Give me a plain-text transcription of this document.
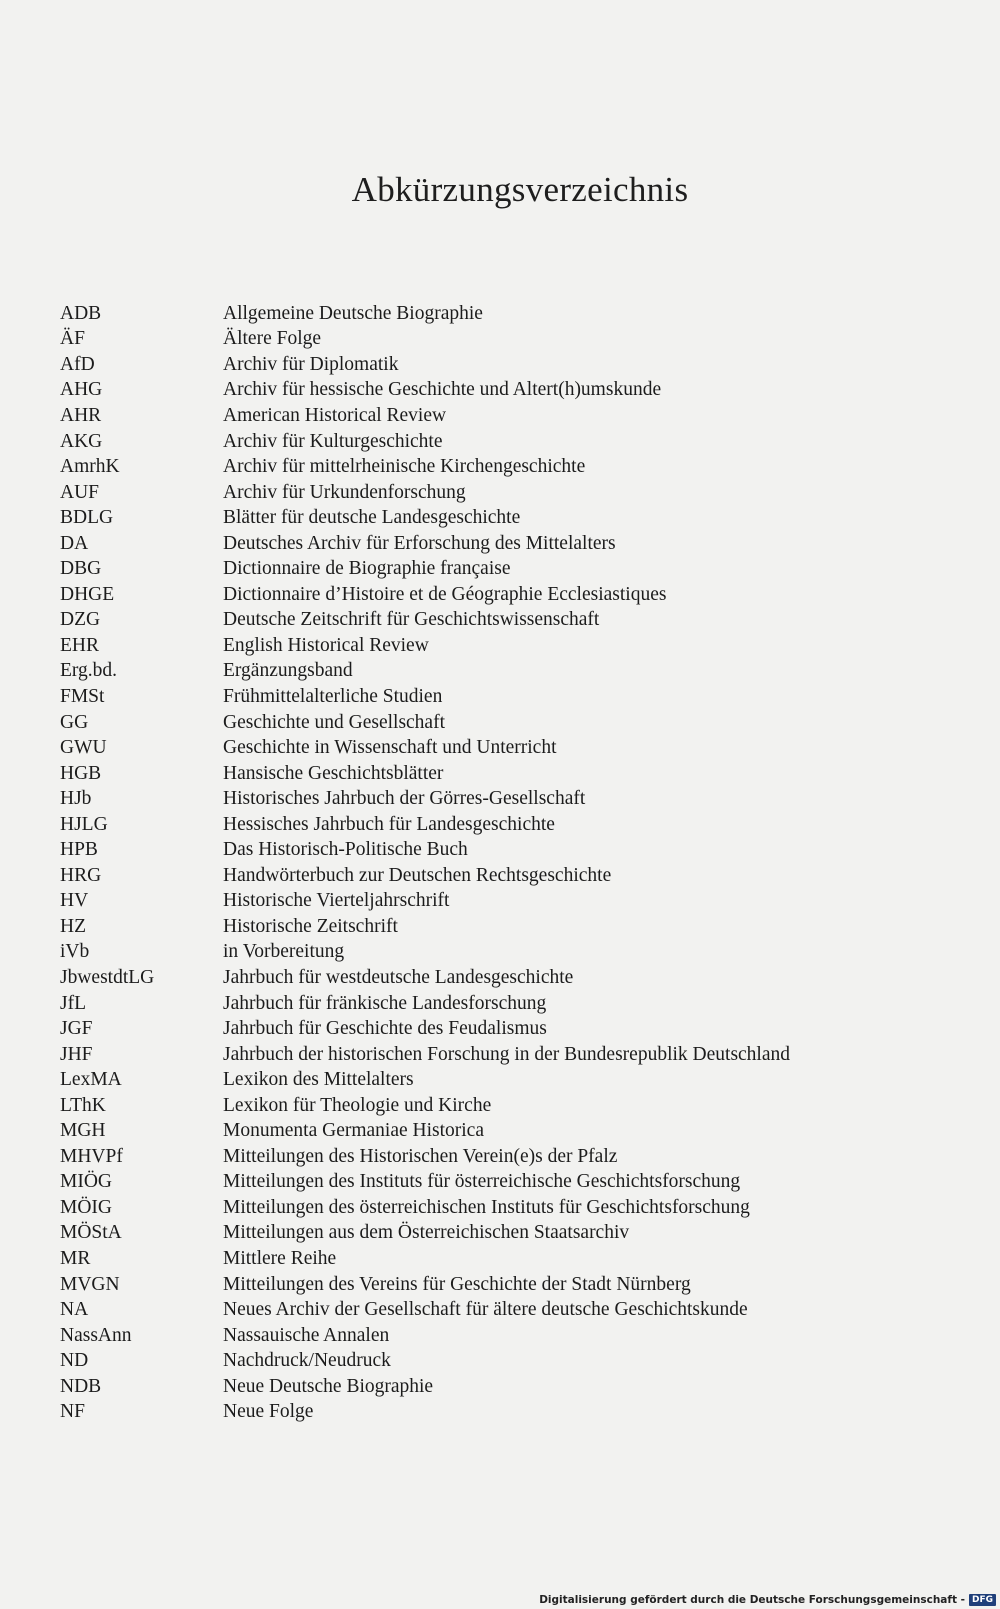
Abkürzungsverzeichnis
ADB	Allgemeine Deutsche Biographie
ÄF	Ältere Folge
AfD	Archiv für Diplomatik
AHG	Archiv für hessische Geschichte und Altert(h)umskunde
AHR	American Historical Review
AKG	Archiv für Kulturgeschichte
AmrhK	Archiv für mittelrheinische Kirchengeschichte
AUF	Archiv für Urkundenforschung
BDLG	Blätter für deutsche Landesgeschichte
DA	Deutsches Archiv für Erforschung des Mittelalters
DBG	Dictionnaire de Biographie française
DHGE	Dictionnaire d’Histoire et de Géographie Ecclesiastiques
DZG	Deutsche Zeitschrift für Geschichtswissenschaft
EHR	English Historical Review
Erg.bd.	Ergänzungsband
FMSt	Frühmittelalterliche Studien
GG	Geschichte und Gesellschaft
GWU	Geschichte in Wissenschaft und Unterricht
HGB	Hansische Geschichtsblätter
HJb	Historisches Jahrbuch der Görres-Gesellschaft
HJLG	Hessisches Jahrbuch für Landesgeschichte
HPB	Das Historisch-Politische Buch
HRG	Handwörterbuch zur Deutschen Rechtsgeschichte
HV	Historische Vierteljahrschrift
HZ	Historische Zeitschrift
iVb	in Vorbereitung
JbwestdtLG	Jahrbuch für westdeutsche Landesgeschichte
JfL	Jahrbuch für fränkische Landesforschung
JGF	Jahrbuch für Geschichte des Feudalismus
JHF	Jahrbuch der historischen Forschung in der Bundesrepublik Deutschland
LexMA	Lexikon des Mittelalters
LThK	Lexikon für Theologie und Kirche
MGH	Monumenta Germaniae Historica
MHVPf	Mitteilungen des Historischen Verein(e)s der Pfalz
MIÖG	Mitteilungen des Instituts für österreichische Geschichtsforschung
MÖIG	Mitteilungen des österreichischen Instituts für Geschichtsforschung
MÖStA	Mitteilungen aus dem Österreichischen Staatsarchiv
MR	Mittlere Reihe
MVGN	Mitteilungen des Vereins für Geschichte der Stadt Nürnberg
NA	Neues Archiv der Gesellschaft für ältere deutsche Geschichtskunde
NassAnn	Nassauische Annalen
ND	Nachdruck/Neudruck
NDB	Neue Deutsche Biographie
NF	Neue Folge
Digitalisierung gefördert durch die Deutsche Forschungsgemeinschaft - DFG
